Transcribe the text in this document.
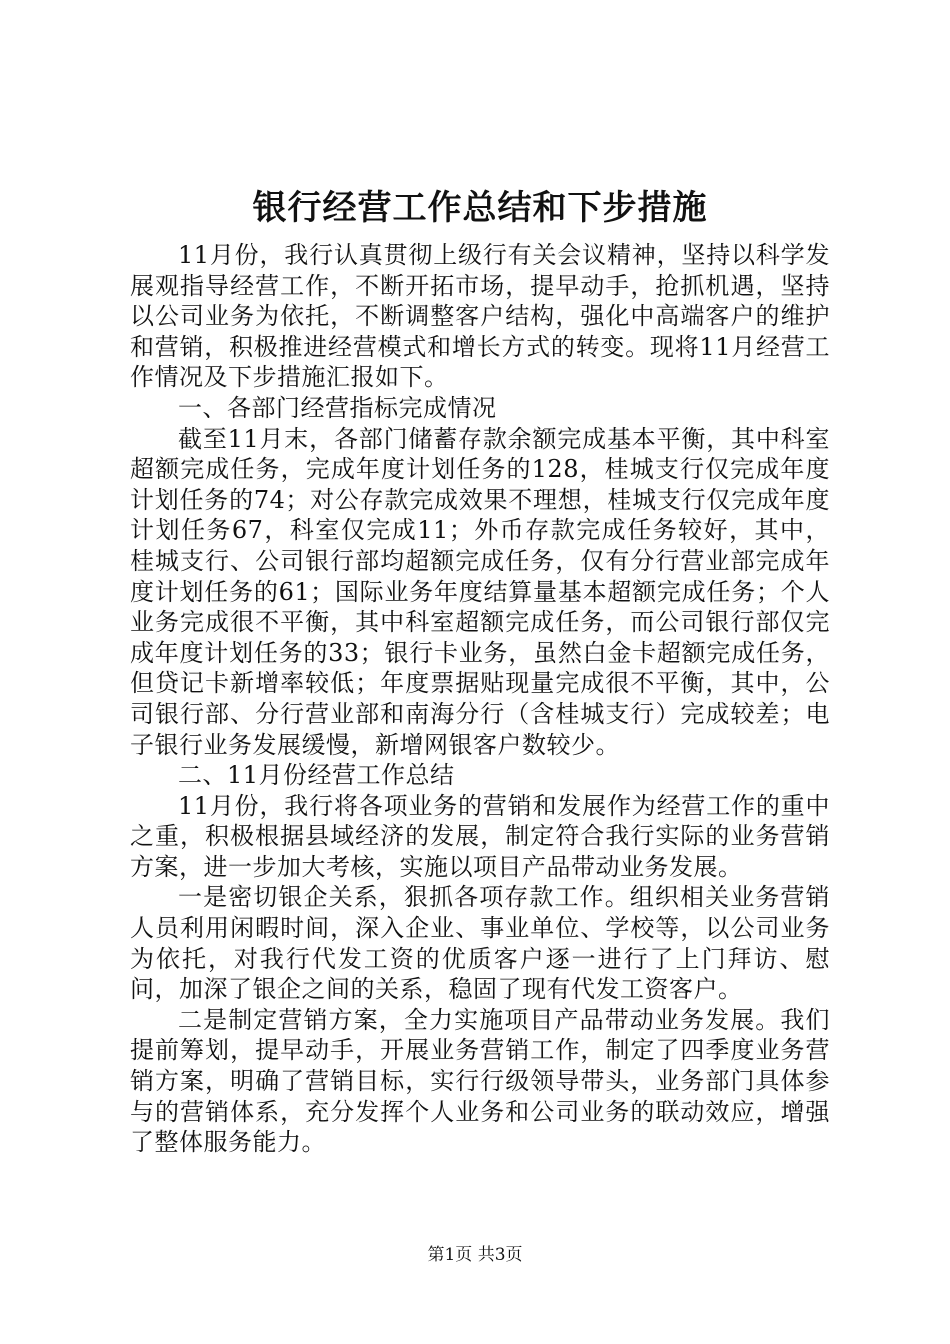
银行经营工作总结和下步措施

11月份，我行认真贯彻上级行有关会议精神，坚持以科学发展观指导经营工作，不断开拓市场，提早动手，抢抓机遇，坚持以公司业务为依托，不断调整客户结构，强化中高端客户的维护和营销，积极推进经营模式和增长方式的转变。现将11月经营工作情况及下步措施汇报如下。

一、各部门经营指标完成情况

截至11月末，各部门储蓄存款余额完成基本平衡，其中科室超额完成任务，完成年度计划任务的128，桂城支行仅完成年度计划任务的74；对公存款完成效果不理想，桂城支行仅完成年度计划任务67，科室仅完成11；外币存款完成任务较好，其中，桂城支行、公司银行部均超额完成任务，仅有分行营业部完成年度计划任务的61；国际业务年度结算量基本超额完成任务；个人业务完成很不平衡，其中科室超额完成任务，而公司银行部仅完成年度计划任务的33；银行卡业务，虽然白金卡超额完成任务，但贷记卡新增率较低；年度票据贴现量完成很不平衡，其中，公司银行部、分行营业部和南海分行（含桂城支行）完成较差；电子银行业务发展缓慢，新增网银客户数较少。

二、11月份经营工作总结

11月份，我行将各项业务的营销和发展作为经营工作的重中之重，积极根据县域经济的发展，制定符合我行实际的业务营销方案，进一步加大考核，实施以项目产品带动业务发展。

一是密切银企关系，狠抓各项存款工作。组织相关业务营销人员利用闲暇时间，深入企业、事业单位、学校等，以公司业务为依托，对我行代发工资的优质客户逐一进行了上门拜访、慰问，加深了银企之间的关系，稳固了现有代发工资客户。

二是制定营销方案，全力实施项目产品带动业务发展。我们提前筹划，提早动手，开展业务营销工作，制定了四季度业务营销方案，明确了营销目标，实行行级领导带头，业务部门具体参与的营销体系，充分发挥个人业务和公司业务的联动效应，增强了整体服务能力。

第1页 共3页
